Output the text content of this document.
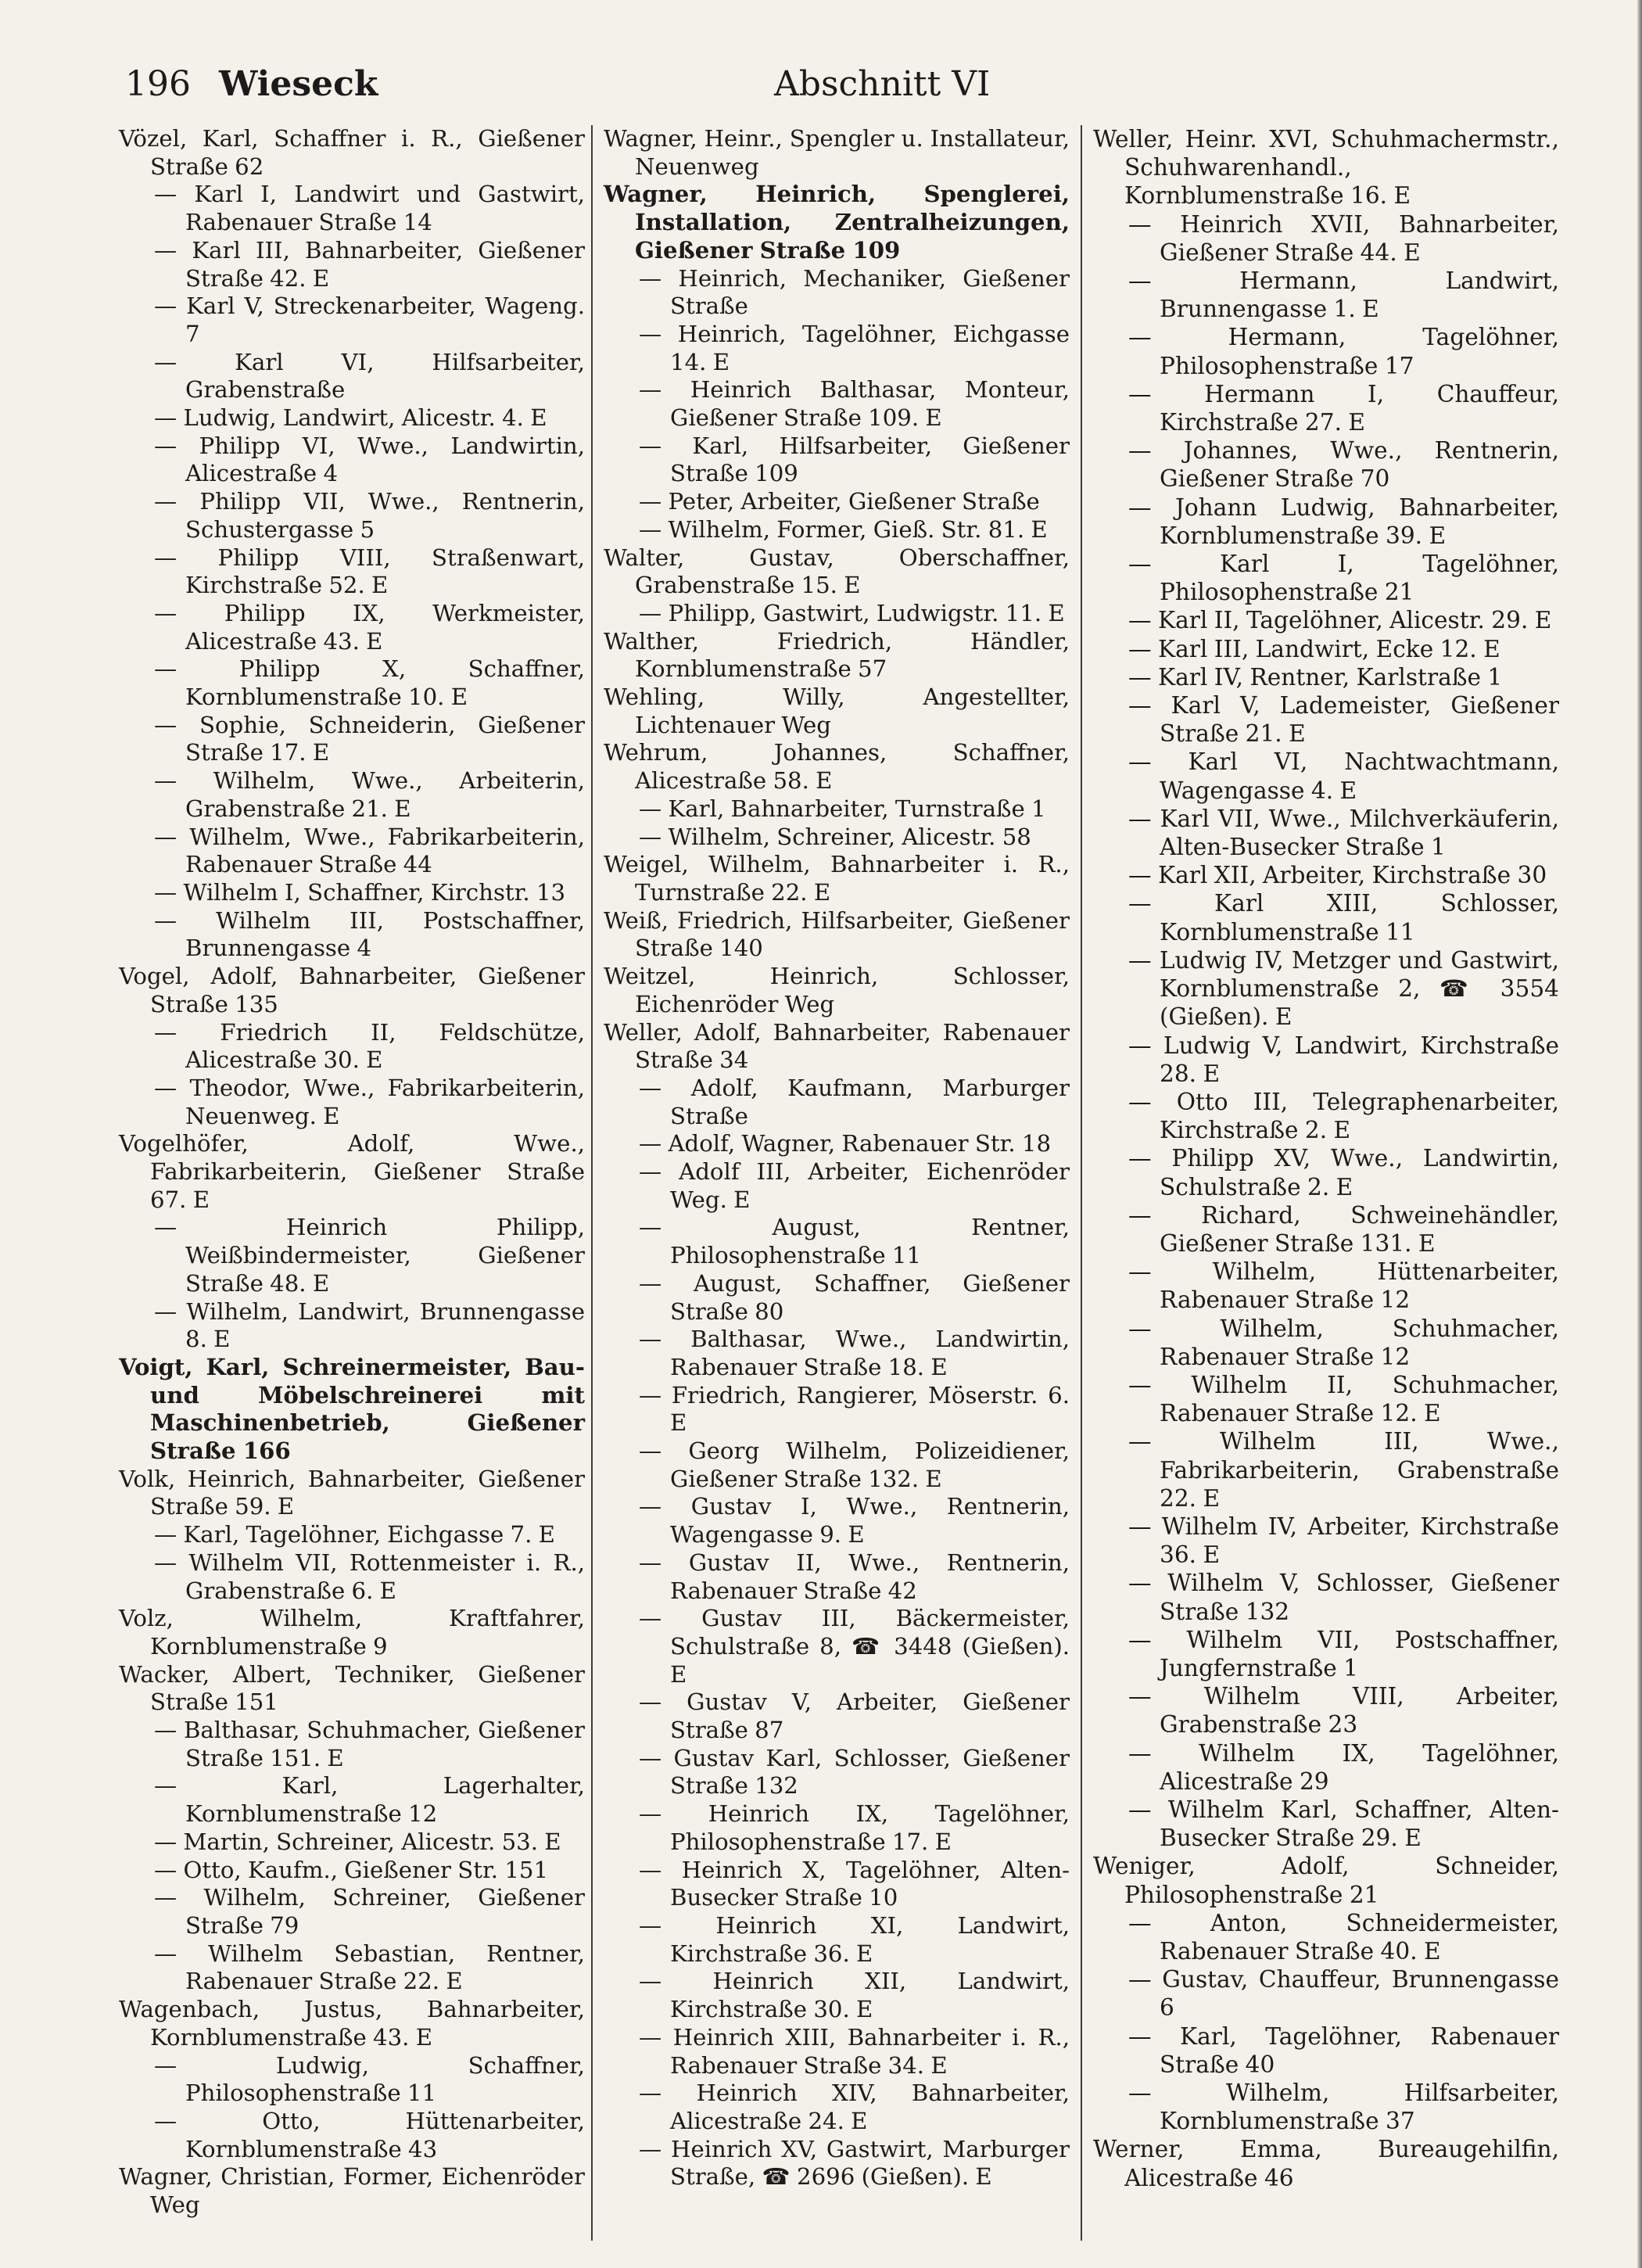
196 Wieseck	Abschnitt VI
Vözel, Karl, Schaffner i. R., Gießener Straße 62
— Karl I, Landwirt und Gastwirt, Rabenauer Straße 14
— Karl III, Bahnarbeiter, Gießener Straße 42. E
— Karl V, Streckenarbeiter, Wageng. 7
— Karl VI, Hilfsarbeiter, Grabenstraße
— Ludwig, Landwirt, Alicestr. 4. E
— Philipp VI, Wwe., Landwirtin, Alicestraße 4
— Philipp VII, Wwe., Rentnerin, Schustergasse 5
— Philipp VIII, Straßenwart, Kirchstraße 52. E
— Philipp IX, Werkmeister, Alicestraße 43. E
— Philipp X, Schaffner, Kornblumenstraße 10. E
— Sophie, Schneiderin, Gießener Straße 17. E
— Wilhelm, Wwe., Arbeiterin, Grabenstraße 21. E
— Wilhelm, Wwe., Fabrikarbeiterin, Rabenauer Straße 44
— Wilhelm I, Schaffner, Kirchstr. 13
— Wilhelm III, Postschaffner, Brunnengasse 4
Vogel, Adolf, Bahnarbeiter, Gießener Straße 135
— Friedrich II, Feldschütze, Alicestraße 30. E
— Theodor, Wwe., Fabrikarbeiterin, Neuenweg. E
Vogelhöfer, Adolf, Wwe., Fabrikarbeiterin, Gießener Straße 67. E
— Heinrich Philipp, Weißbindermeister, Gießener Straße 48. E
— Wilhelm, Landwirt, Brunnengasse 8. E
Voigt, Karl, Schreinermeister, Bau- und Möbelschreinerei mit Maschinenbetrieb, Gießener Straße 166
Volk, Heinrich, Bahnarbeiter, Gießener Straße 59. E
— Karl, Tagelöhner, Eichgasse 7. E
— Wilhelm VII, Rottenmeister i. R., Grabenstraße 6. E
Volz, Wilhelm, Kraftfahrer, Kornblumenstraße 9
Wacker, Albert, Techniker, Gießener Straße 151
— Balthasar, Schuhmacher, Gießener Straße 151. E
— Karl, Lagerhalter, Kornblumenstraße 12
— Martin, Schreiner, Alicestr. 53. E
— Otto, Kaufm., Gießener Str. 151
— Wilhelm, Schreiner, Gießener Straße 79
— Wilhelm Sebastian, Rentner, Rabenauer Straße 22. E
Wagenbach, Justus, Bahnarbeiter, Kornblumenstraße 43. E
— Ludwig, Schaffner, Philosophenstraße 11
— Otto, Hüttenarbeiter, Kornblumenstraße 43
Wagner, Christian, Former, Eichenröder Weg
Wagner, Heinr., Spengler u. Installateur, Neuenweg
Wagner, Heinrich, Spenglerei, Installation, Zentralheizungen, Gießener Straße 109
— Heinrich, Mechaniker, Gießener Straße
— Heinrich, Tagelöhner, Eichgasse 14. E
— Heinrich Balthasar, Monteur, Gießener Straße 109. E
— Karl, Hilfsarbeiter, Gießener Straße 109
— Peter, Arbeiter, Gießener Straße
— Wilhelm, Former, Gieß. Str. 81. E
Walter, Gustav, Oberschaffner, Grabenstraße 15. E
— Philipp, Gastwirt, Ludwigstr. 11. E
Walther, Friedrich, Händler, Kornblumenstraße 57
Wehling, Willy, Angestellter, Lichtenauer Weg
Wehrum, Johannes, Schaffner, Alicestraße 58. E
— Karl, Bahnarbeiter, Turnstraße 1
— Wilhelm, Schreiner, Alicestr. 58
Weigel, Wilhelm, Bahnarbeiter i. R., Turnstraße 22. E
Weiß, Friedrich, Hilfsarbeiter, Gießener Straße 140
Weitzel, Heinrich, Schlosser, Eichenröder Weg
Weller, Adolf, Bahnarbeiter, Rabenauer Straße 34
— Adolf, Kaufmann, Marburger Straße
— Adolf, Wagner, Rabenauer Str. 18
— Adolf III, Arbeiter, Eichenröder Weg. E
— August, Rentner, Philosophenstraße 11
— August, Schaffner, Gießener Straße 80
— Balthasar, Wwe., Landwirtin, Rabenauer Straße 18. E
— Friedrich, Rangierer, Möserstr. 6. E
— Georg Wilhelm, Polizeidiener, Gießener Straße 132. E
— Gustav I, Wwe., Rentnerin, Wagengasse 9. E
— Gustav II, Wwe., Rentnerin, Rabenauer Straße 42
— Gustav III, Bäckermeister, Schulstraße 8, ☎ 3448 (Gießen). E
— Gustav V, Arbeiter, Gießener Straße 87
— Gustav Karl, Schlosser, Gießener Straße 132
— Heinrich IX, Tagelöhner, Philosophenstraße 17. E
— Heinrich X, Tagelöhner, Alten-Busecker Straße 10
— Heinrich XI, Landwirt, Kirchstraße 36. E
— Heinrich XII, Landwirt, Kirchstraße 30. E
— Heinrich XIII, Bahnarbeiter i. R., Rabenauer Straße 34. E
— Heinrich XIV, Bahnarbeiter, Alicestraße 24. E
— Heinrich XV, Gastwirt, Marburger Straße, ☎ 2696 (Gießen). E
Weller, Heinr. XVI, Schuhmachermstr., Schuhwarenhandl., Kornblumenstraße 16. E
— Heinrich XVII, Bahnarbeiter, Gießener Straße 44. E
— Hermann, Landwirt, Brunnengasse 1. E
— Hermann, Tagelöhner, Philosophenstraße 17
— Hermann I, Chauffeur, Kirchstraße 27. E
— Johannes, Wwe., Rentnerin, Gießener Straße 70
— Johann Ludwig, Bahnarbeiter, Kornblumenstraße 39. E
— Karl I, Tagelöhner, Philosophenstraße 21
— Karl II, Tagelöhner, Alicestr. 29. E
— Karl III, Landwirt, Ecke 12. E
— Karl IV, Rentner, Karlstraße 1
— Karl V, Lademeister, Gießener Straße 21. E
— Karl VI, Nachtwachtmann, Wagengasse 4. E
— Karl VII, Wwe., Milchverkäuferin, Alten-Busecker Straße 1
— Karl XII, Arbeiter, Kirchstraße 30
— Karl XIII, Schlosser, Kornblumenstraße 11
— Ludwig IV, Metzger und Gastwirt, Kornblumenstraße 2, ☎ 3554 (Gießen). E
— Ludwig V, Landwirt, Kirchstraße 28. E
— Otto III, Telegraphenarbeiter, Kirchstraße 2. E
— Philipp XV, Wwe., Landwirtin, Schulstraße 2. E
— Richard, Schweinehändler, Gießener Straße 131. E
— Wilhelm, Hüttenarbeiter, Rabenauer Straße 12
— Wilhelm, Schuhmacher, Rabenauer Straße 12
— Wilhelm II, Schuhmacher, Rabenauer Straße 12. E
— Wilhelm III, Wwe., Fabrikarbeiterin, Grabenstraße 22. E
— Wilhelm IV, Arbeiter, Kirchstraße 36. E
— Wilhelm V, Schlosser, Gießener Straße 132
— Wilhelm VII, Postschaffner, Jungfernstraße 1
— Wilhelm VIII, Arbeiter, Grabenstraße 23
— Wilhelm IX, Tagelöhner, Alicestraße 29
— Wilhelm Karl, Schaffner, Alten-Busecker Straße 29. E
Weniger, Adolf, Schneider, Philosophenstraße 21
— Anton, Schneidermeister, Rabenauer Straße 40. E
— Gustav, Chauffeur, Brunnengasse 6
— Karl, Tagelöhner, Rabenauer Straße 40
— Wilhelm, Hilfsarbeiter, Kornblumenstraße 37
Werner, Emma, Bureaugehilfin, Alicestraße 46
